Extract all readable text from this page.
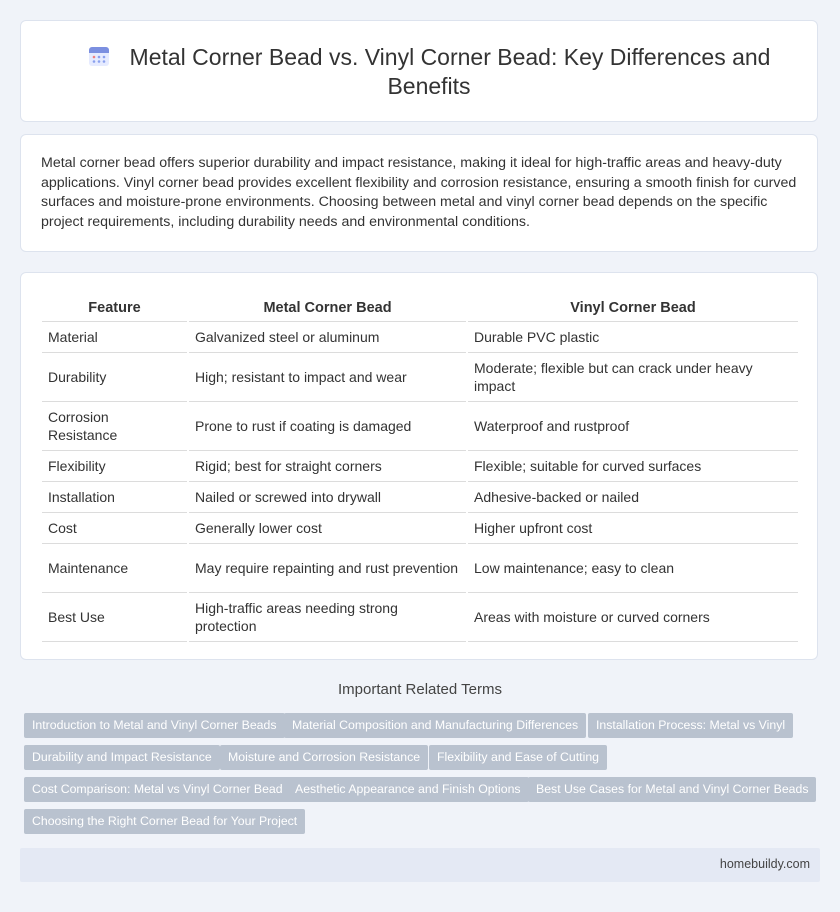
Metal Corner Bead vs. Vinyl Corner Bead: Key Differences and Benefits
Metal corner bead offers superior durability and impact resistance, making it ideal for high-traffic areas and heavy-duty applications. Vinyl corner bead provides excellent flexibility and corrosion resistance, ensuring a smooth finish for curved surfaces and moisture-prone environments. Choosing between metal and vinyl corner bead depends on the specific project requirements, including durability needs and environmental conditions.
Feature	Metal Corner Bead	Vinyl Corner Bead
Material	Galvanized steel or aluminum	Durable PVC plastic
Durability	High; resistant to impact and wear	Moderate; flexible but can crack under heavy impact
Corrosion Resistance	Prone to rust if coating is damaged	Waterproof and rustproof
Flexibility	Rigid; best for straight corners	Flexible; suitable for curved surfaces
Installation	Nailed or screwed into drywall	Adhesive-backed or nailed
Cost	Generally lower cost	Higher upfront cost
Maintenance	May require repainting and rust prevention	Low maintenance; easy to clean
Best Use	High-traffic areas needing strong protection	Areas with moisture or curved corners
Important Related Terms
Introduction to Metal and Vinyl Corner Beads	Material Composition and Manufacturing Differences	Installation Process: Metal vs Vinyl
Durability and Impact Resistance	Moisture and Corrosion Resistance	Flexibility and Ease of Cutting
Cost Comparison: Metal vs Vinyl Corner Bead	Aesthetic Appearance and Finish Options	Best Use Cases for Metal and Vinyl Corner Beads
Choosing the Right Corner Bead for Your Project
homebuildy.com
